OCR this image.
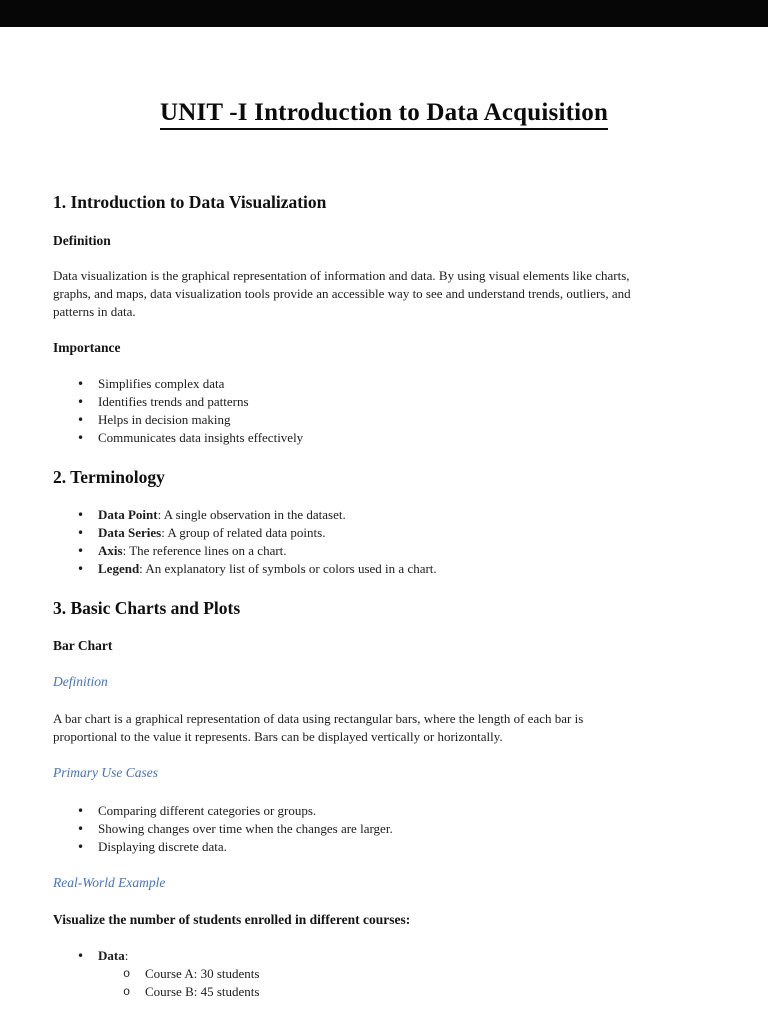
UNIT -I Introduction to Data Acquisition
1. Introduction to Data Visualization
Definition
Data visualization is the graphical representation of information and data. By using visual elements like charts,
graphs, and maps, data visualization tools provide an accessible way to see and understand trends, outliers, and
patterns in data.
Importance
• Simplifies complex data
• Identifies trends and patterns
• Helps in decision making
• Communicates data insights effectively
2. Terminology
• Data Point: A single observation in the dataset.
• Data Series: A group of related data points.
• Axis: The reference lines on a chart.
• Legend: An explanatory list of symbols or colors used in a chart.
3. Basic Charts and Plots
Bar Chart
Definition
A bar chart is a graphical representation of data using rectangular bars, where the length of each bar is
proportional to the value it represents. Bars can be displayed vertically or horizontally.
Primary Use Cases
• Comparing different categories or groups.
• Showing changes over time when the changes are larger.
• Displaying discrete data.
Real-World Example
Visualize the number of students enrolled in different courses:
• Data:
o Course A: 30 students
o Course B: 45 students
